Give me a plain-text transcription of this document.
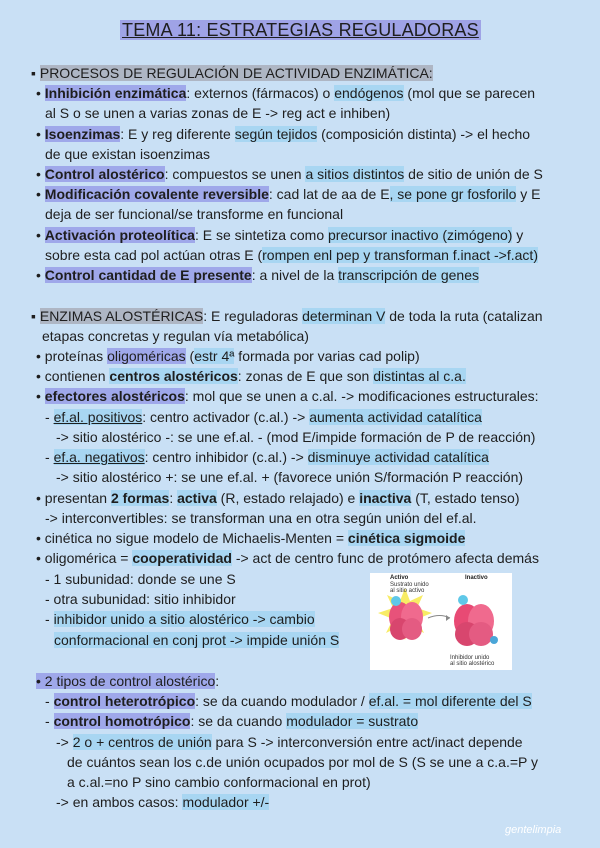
TEMA 11: ESTRATEGIAS REGULADORAS
▪ PROCESOS DE REGULACIÓN DE ACTIVIDAD ENZIMÁTICA:
• Inhibición enzimática: externos (fármacos) o endógenos (mol que se parecen
al S o se unen a varias zonas de E -> reg act e inhiben)
• Isoenzimas: E y reg diferente según tejidos (composición distinta) -> el hecho
de que existan isoenzimas
• Control alostérico: compuestos se unen a sitios distintos de sitio de unión de S
• Modificación covalente reversible: cad lat de aa de E, se pone gr fosforilo y E
deja de ser funcional/se transforme en funcional
• Activación proteolítica: E se sintetiza como precursor inactivo (zimógeno) y
sobre esta cad pol actúan otras E (rompen enl pep y transforman f.inact ->f.act)
• Control cantidad de E presente: a nivel de la transcripción de genes
▪ ENZIMAS ALOSTÉRICAS: E reguladoras determinan V de toda la ruta (catalizan
etapas concretas y regulan vía metabólica)
• proteínas oligoméricas (estr 4ª formada por varias cad polip)
• contienen centros alostéricos: zonas de E que son distintas al c.a.
• efectores alostéricos: mol que se unen a c.al. -> modificaciones estructurales:
- ef.al. positivos: centro activador (c.al.) -> aumenta actividad catalítica
-> sitio alostérico -: se une ef.al. - (mod E/impide formación de P de reacción)
- ef.a. negativos: centro inhibidor (c.al.) -> disminuye actividad catalítica
-> sitio alostérico +: se une ef.al. + (favorece unión S/formación P reacción)
• presentan 2 formas: activa (R, estado relajado) e inactiva (T, estado tenso)
-> interconvertibles: se transforman una en otra según unión del ef.al.
• cinética no sigue modelo de Michaelis-Menten = cinética sigmoide
• oligomérica = cooperatividad -> act de centro func de protómero afecta demás
- 1 subunidad: donde se une S
- otra subunidad: sitio inhibidor
- inhibidor unido a sitio alostérico -> cambio
conformacional en conj prot -> impide unión S
Activo
Sustrato unido
al sitio activo
Inactivo
Inhibidor unido
al sitio alostérico
• 2 tipos de control alostérico:
- control heterotrópico: se da cuando modulador / ef.al. = mol diferente del S
- control homotrópico: se da cuando modulador = sustrato
-> 2 o + centros de unión para S -> interconversión entre act/inact depende
de cuántos sean los c.de unión ocupados por mol de S (S se une a c.a.=P y
a c.al.=no P sino cambio conformacional en prot)
-> en ambos casos: modulador +/-
gentelimpia
